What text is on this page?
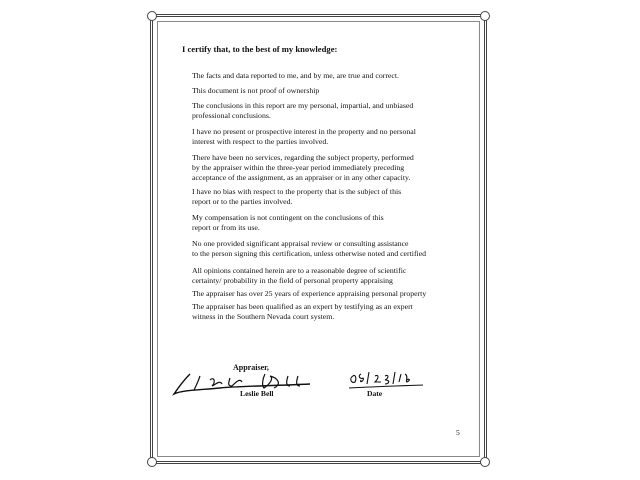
I certify that, to the best of my knowledge:
The facts and data reported to me, and by me, are true and correct.
This document is not proof of ownership
The conclusions in this report are my personal, impartial, and unbiased
professional conclusions.
I have no present or prospective interest in the property and no personal
interest with respect to the parties involved.
There have been no services, regarding the subject property, performed
by the appraiser within the three-year period immediately preceding
acceptance of the assignment, as an appraiser or in any other capacity.
I have no bias with respect to the property that is the subject of this
report or to the parties involved.
My compensation is not contingent on the conclusions of this
report or from its use.
No one provided significant appraisal review or consulting assistance
to the person signing this certification, unless otherwise noted and certified
All opinions contained herein are to a reasonable degree of scientific
certainty/ probability in the field of personal property appraising
The appraiser has over 25 years of experience appraising personal property
The appraiser has been qualified as an expert by testifying as an expert
witness in the Southern Nevada court system.
Appraiser,
Leslie Bell	Date
5
